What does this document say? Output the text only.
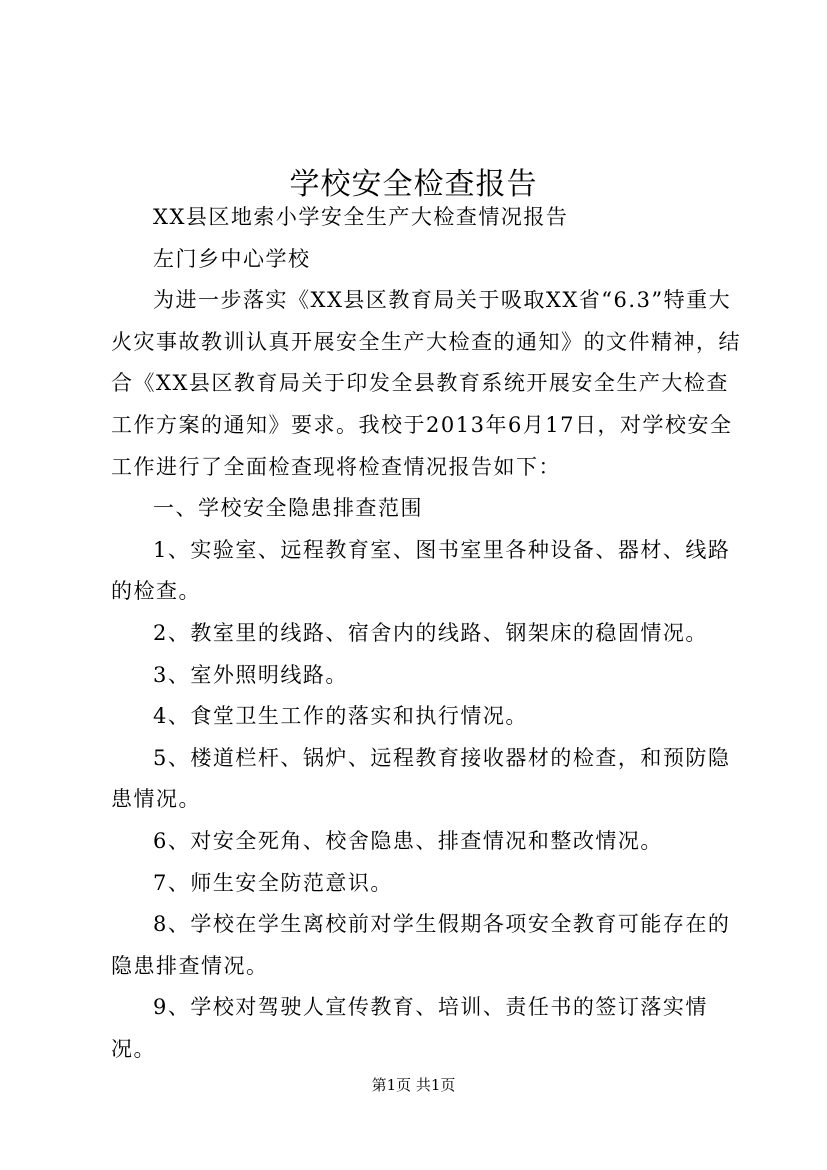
学校安全检查报告

XX县区地索小学安全生产大检查情况报告

左门乡中心学校

为进一步落实《XX县区教育局关于吸取XX省“6.3”特重大火灾事故教训认真开展安全生产大检查的通知》的文件精神，结合《XX县区教育局关于印发全县教育系统开展安全生产大检查工作方案的通知》要求。我校于2013年6月17日，对学校安全工作进行了全面检查现将检查情况报告如下：

一、学校安全隐患排查范围

1、实验室、远程教育室、图书室里各种设备、器材、线路的检查。

2、教室里的线路、宿舍内的线路、钢架床的稳固情况。

3、室外照明线路。

4、食堂卫生工作的落实和执行情况。

5、楼道栏杆、锅炉、远程教育接收器材的检查，和预防隐患情况。

6、对安全死角、校舍隐患、排查情况和整改情况。

7、师生安全防范意识。

8、学校在学生离校前对学生假期各项安全教育可能存在的隐患排查情况。

9、学校对驾驶人宣传教育、培训、责任书的签订落实情况。

第1页 共1页
